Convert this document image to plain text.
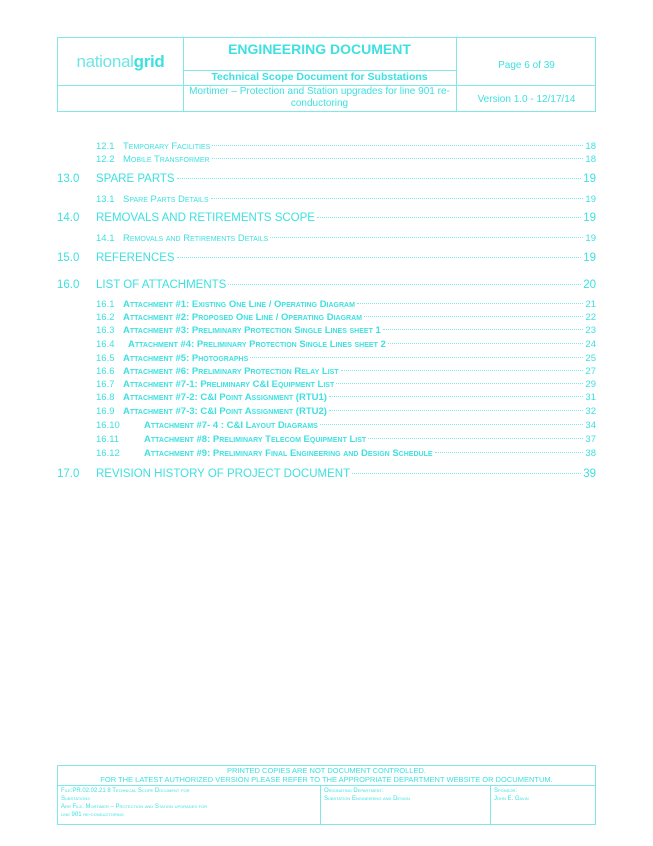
national grid
ENGINEERING DOCUMENT
Technical Scope Document for Substations
Mortimer – Protection and Station upgrades for line 901 re-conductoring
Page 6 of 39
Version 1.0 - 12/17/14
12.1 Temporary Facilities	18
12.2 Mobile Transformer	18
13.0	SPARE PARTS	19
13.1 Spare Parts Details	19
14.0	REMOVALS AND RETIREMENTS SCOPE	19
14.1 Removals and Retirements Details	19
15.0	REFERENCES	19
16.0	LIST OF ATTACHMENTS	20
16.1 Attachment #1: Existing One Line / Operating Diagram	21
16.2 Attachment #2: Proposed One Line / Operating Diagram	22
16.3 Attachment #3: Preliminary Protection Single Lines sheet 1	23
16.4	Attachment #4: Preliminary Protection Single Lines sheet 2	24
16.5 Attachment #5: Photographs	25
16.6 Attachment #6: Preliminary Protection Relay List	27
16.7 Attachment #7-1: Preliminary C&I Equipment List	29
16.8 Attachment #7-2: C&I Point Assignment (RTU1)	31
16.9 Attachment #7-3: C&I Point Assignment (RTU2)	32
16.10	Attachment #7- 4 : C&I Layout Diagrams	34
16.11	Attachment #8: Preliminary Telecom Equipment List	37
16.12	Attachment #9: Preliminary Final Engineering and Design Schedule	38
17.0	REVISION HISTORY OF PROJECT DOCUMENT	39
PRINTED COPIES ARE NOT DOCUMENT CONTROLLED.
FOR THE LATEST AUTHORIZED VERSION PLEASE REFER TO THE APPROPRIATE DEPARTMENT WEBSITE OR DOCUMENTUM.
File:PR.02.02.21 8 Technical Scope Document for
Substations
Arr File: Mortimer – Protection and Station upgrades for
line 901 re-conductoring
Originating Department:
Substation Engineering and Design
Sponsor:
John E. Gavin
